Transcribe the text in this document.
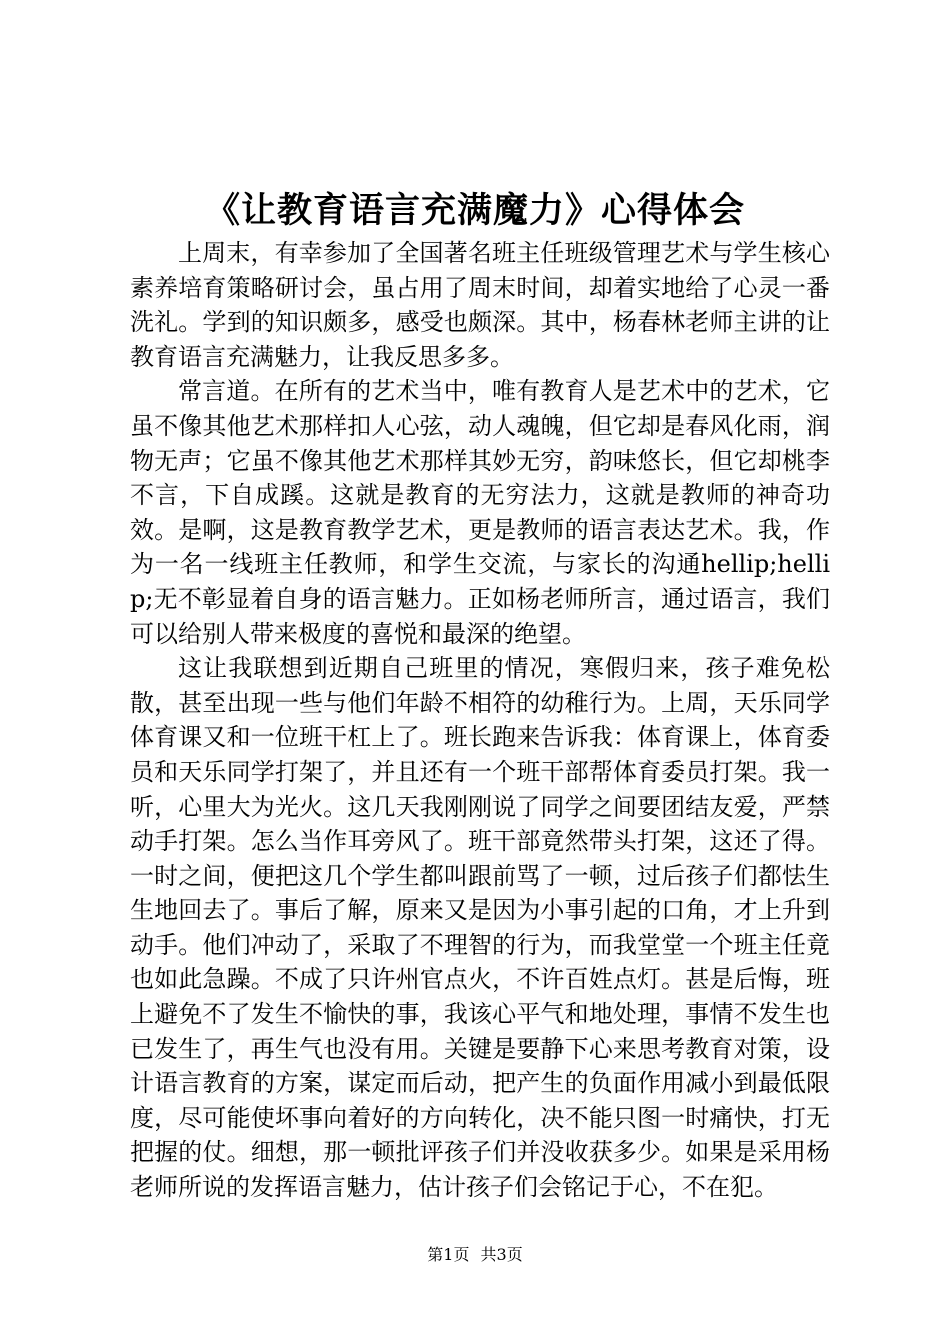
《让教育语言充满魔力》心得体会

上周末，有幸参加了全国著名班主任班级管理艺术与学生核心素养培育策略研讨会，虽占用了周末时间，却着实地给了心灵一番洗礼。学到的知识颇多，感受也颇深。其中，杨春林老师主讲的让教育语言充满魅力，让我反思多多。

常言道。在所有的艺术当中，唯有教育人是艺术中的艺术，它虽不像其他艺术那样扣人心弦，动人魂魄，但它却是春风化雨，润物无声；它虽不像其他艺术那样其妙无穷，韵味悠长，但它却桃李不言，下自成蹊。这就是教育的无穷法力，这就是教师的神奇功效。是啊，这是教育教学艺术，更是教师的语言表达艺术。我，作为一名一线班主任教师，和学生交流，与家长的沟通hellip;hellip;无不彰显着自身的语言魅力。正如杨老师所言，通过语言，我们可以给别人带来极度的喜悦和最深的绝望。

这让我联想到近期自己班里的情况，寒假归来，孩子难免松散，甚至出现一些与他们年龄不相符的幼稚行为。上周，天乐同学体育课又和一位班干杠上了。班长跑来告诉我：体育课上，体育委员和天乐同学打架了，并且还有一个班干部帮体育委员打架。我一听，心里大为光火。这几天我刚刚说了同学之间要团结友爱，严禁动手打架。怎么当作耳旁风了。班干部竟然带头打架，这还了得。一时之间，便把这几个学生都叫跟前骂了一顿，过后孩子们都怯生生地回去了。事后了解，原来又是因为小事引起的口角，才上升到动手。他们冲动了，采取了不理智的行为，而我堂堂一个班主任竟也如此急躁。不成了只许州官点火，不许百姓点灯。甚是后悔，班上避免不了发生不愉快的事，我该心平气和地处理，事情不发生也已发生了，再生气也没有用。关键是要静下心来思考教育对策，设计语言教育的方案，谋定而后动，把产生的负面作用减小到最低限度，尽可能使坏事向着好的方向转化，决不能只图一时痛快，打无把握的仗。细想，那一顿批评孩子们并没收获多少。如果是采用杨老师所说的发挥语言魅力，估计孩子们会铭记于心，不在犯。

第1页 共3页
